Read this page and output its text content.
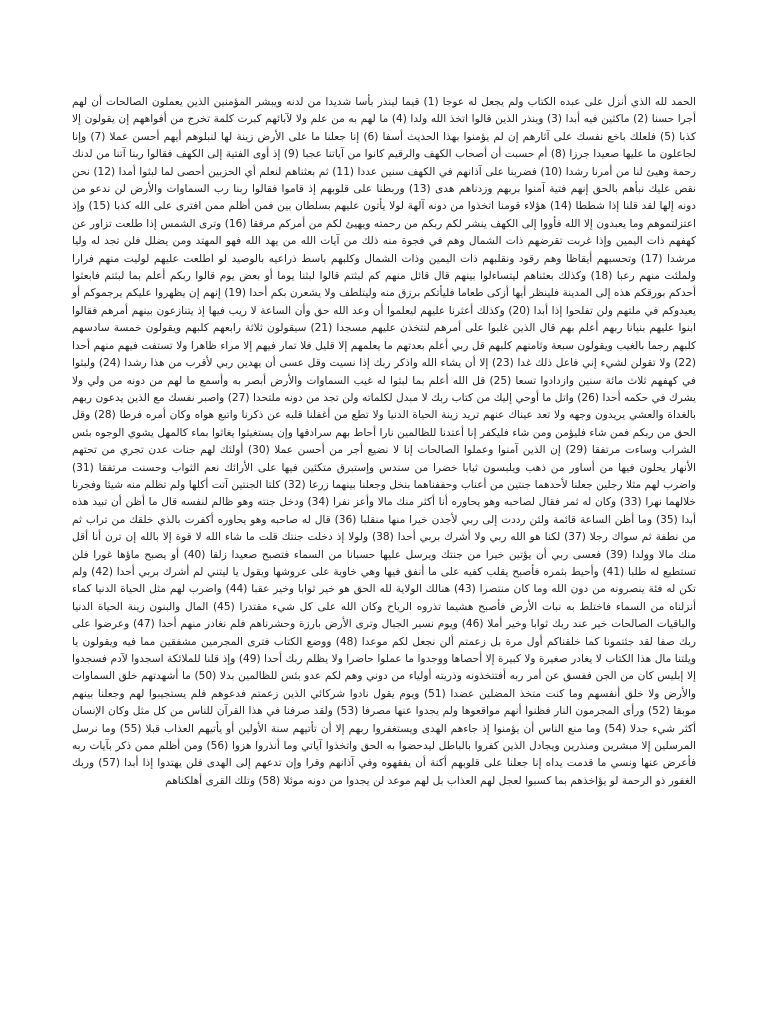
الحمد لله الذي أنزل على عبده الكتاب ولم يجعل له عوجا (1) قيما لينذر بأسا شديدا من لدنه ويبشر المؤمنين الذين يعملون الصالحات أن لهم أجرا حسنا (2) ماكثين فيه أبدا (3) وينذر الذين قالوا اتخذ الله ولدا (4) ما لهم به من علم ولا لآبائهم كبرت كلمة تخرج من أفواههم إن يقولون إلا كذبا (5) فلعلك باخع نفسك على آثارهم إن لم يؤمنوا بهذا الحديث أسفا (6) إنا جعلنا ما على الأرض زينة لها لنبلوهم أيهم أحسن عملا (7) وإنا لجاعلون ما عليها صعيدا جرزا (8) أم حسبت أن أصحاب الكهف والرقيم كانوا من آياتنا عجبا (9) إذ أوى الفتية إلى الكهف فقالوا ربنا آتنا من لدنك رحمة وهيئ لنا من أمرنا رشدا (10) فضربنا على آذانهم في الكهف سنين عددا (11) ثم بعثناهم لنعلم أي الحزبين أحصى لما لبثوا أمدا (12) نحن نقص عليك نبأهم بالحق إنهم فتية آمنوا بربهم وزدناهم هدى (13) وربطنا على قلوبهم إذ قاموا فقالوا ربنا رب السماوات والأرض لن ندعو من دونه إلها لقد قلنا إذا شططا (14) هؤلاء قومنا اتخذوا من دونه آلهة لولا يأتون عليهم بسلطان بين فمن أظلم ممن افترى على الله كذبا (15) وإذ اعتزلتموهم وما يعبدون إلا الله فأووا إلى الكهف ينشر لكم ربكم من رحمته ويهيئ لكم من أمركم مرفقا (16) وترى الشمس إذا طلعت تزاور عن كهفهم ذات اليمين وإذا غربت تقرضهم ذات الشمال وهم في فجوة منه ذلك من آيات الله من يهد الله فهو المهتد ومن يضلل فلن تجد له وليا مرشدا (17) وتحسبهم أيقاظا وهم رقود ونقلبهم ذات اليمين وذات الشمال وكلبهم باسط ذراعيه بالوصيد لو اطلعت عليهم لوليت منهم فرارا ولملئت منهم رعبا (18) وكذلك بعثناهم ليتساءلوا بينهم قال قائل منهم كم لبثتم قالوا لبثنا يوما أو بعض يوم قالوا ربكم أعلم بما لبثتم فابعثوا أحدكم بورقكم هذه إلى المدينة فلينظر أيها أزكى طعاما فليأتكم برزق منه وليتلطف ولا يشعرن بكم أحدا (19) إنهم إن يظهروا عليكم يرجموكم أو يعيدوكم في ملتهم ولن تفلحوا إذا أبدا (20) وكذلك أعثرنا عليهم ليعلموا أن وعد الله حق وأن الساعة لا ريب فيها إذ يتنازعون بينهم أمرهم فقالوا ابنوا عليهم بنيانا ربهم أعلم بهم قال الذين غلبوا على أمرهم لنتخذن عليهم مسجدا (21) سيقولون ثلاثة رابعهم كلبهم ويقولون خمسة سادسهم كلبهم رجما بالغيب ويقولون سبعة وثامنهم كلبهم قل ربي أعلم بعدتهم ما يعلمهم إلا قليل فلا تمار فيهم إلا مراء ظاهرا ولا تستفت فيهم منهم أحدا (22) ولا تقولن لشيء إني فاعل ذلك غدا (23) إلا أن يشاء الله واذكر ربك إذا نسيت وقل عسى أن يهدين ربي لأقرب من هذا رشدا (24) ولبثوا في كهفهم ثلاث مائة سنين وازدادوا تسعا (25) قل الله أعلم بما لبثوا له غيب السماوات والأرض أبصر به وأسمع ما لهم من دونه من ولي ولا يشرك في حكمه أحدا (26) واتل ما أوحي إليك من كتاب ربك لا مبدل لكلماته ولن تجد من دونه ملتحدا (27) واصبر نفسك مع الذين يدعون ربهم بالغداة والعشي يريدون وجهه ولا تعد عيناك عنهم تريد زينة الحياة الدنيا ولا تطع من أغفلنا قلبه عن ذكرنا واتبع هواه وكان أمره فرطا (28) وقل الحق من ربكم فمن شاء فليؤمن ومن شاء فليكفر إنا أعتدنا للظالمين نارا أحاط بهم سرادقها وإن يستغيثوا يغاثوا بماء كالمهل يشوي الوجوه بئس الشراب وساءت مرتفقا (29) إن الذين آمنوا وعملوا الصالحات إنا لا نضيع أجر من أحسن عملا (30) أولئك لهم جنات عدن تجري من تحتهم الأنهار يحلون فيها من أساور من ذهب ويلبسون ثيابا خضرا من سندس وإستبرق متكئين فيها على الأرائك نعم الثواب وحسنت مرتفقا (31) واضرب لهم مثلا رجلين جعلنا لأحدهما جنتين من أعناب وحففناهما بنخل وجعلنا بينهما زرعا (32) كلتا الجنتين آتت أكلها ولم تظلم منه شيئا وفجرنا خلالهما نهرا (33) وكان له ثمر فقال لصاحبه وهو يحاوره أنا أكثر منك مالا وأعز نفرا (34) ودخل جنته وهو ظالم لنفسه قال ما أظن أن تبيد هذه أبدا (35) وما أظن الساعة قائمة ولئن رددت إلى ربي لأجدن خيرا منها منقلبا (36) قال له صاحبه وهو يحاوره أكفرت بالذي خلقك من تراب ثم من نطفة ثم سواك رجلا (37) لكنا هو الله ربي ولا أشرك بربي أحدا (38) ولولا إذ دخلت جنتك قلت ما شاء الله لا قوة إلا بالله إن ترن أنا أقل منك مالا وولدا (39) فعسى ربي أن يؤتين خيرا من جنتك ويرسل عليها حسبانا من السماء فتصبح صعيدا زلقا (40) أو يصبح ماؤها غورا فلن تستطيع له طلبا (41) وأحيط بثمره فأصبح يقلب كفيه على ما أنفق فيها وهي خاوية على عروشها ويقول يا ليتني لم أشرك بربي أحدا (42) ولم تكن له فئة ينصرونه من دون الله وما كان منتصرا (43) هنالك الولاية لله الحق هو خير ثوابا وخير عقبا (44) واضرب لهم مثل الحياة الدنيا كماء أنزلناه من السماء فاختلط به نبات الأرض فأصبح هشيما تذروه الرياح وكان الله على كل شيء مقتدرا (45) المال والبنون زينة الحياة الدنيا والباقيات الصالحات خير عند ربك ثوابا وخير أملا (46) ويوم نسير الجبال وترى الأرض بارزة وحشرناهم فلم نغادر منهم أحدا (47) وعرضوا على ربك صفا لقد جئتمونا كما خلقناكم أول مرة بل زعمتم ألن نجعل لكم موعدا (48) ووضع الكتاب فترى المجرمين مشفقين مما فيه ويقولون يا ويلتنا مال هذا الكتاب لا يغادر صغيرة ولا كبيرة إلا أحصاها ووجدوا ما عملوا حاضرا ولا يظلم ربك أحدا (49) وإذ قلنا للملائكة اسجدوا لآدم فسجدوا إلا إبليس كان من الجن ففسق عن أمر ربه أفتتخذونه وذريته أولياء من دوني وهم لكم عدو بئس للظالمين بدلا (50) ما أشهدتهم خلق السماوات والأرض ولا خلق أنفسهم وما كنت متخذ المضلين عضدا (51) ويوم يقول نادوا شركائي الذين زعمتم فدعوهم فلم يستجيبوا لهم وجعلنا بينهم موبقا (52) ورأى المجرمون النار فظنوا أنهم مواقعوها ولم يجدوا عنها مصرفا (53) ولقد صرفنا في هذا القرآن للناس من كل مثل وكان الإنسان أكثر شيء جدلا (54) وما منع الناس أن يؤمنوا إذ جاءهم الهدى ويستغفروا ربهم إلا أن تأتيهم سنة الأولين أو يأتيهم العذاب قبلا (55) وما نرسل المرسلين إلا مبشرين ومنذرين ويجادل الذين كفروا بالباطل ليدحضوا به الحق واتخذوا آياتي وما أنذروا هزوا (56) ومن أظلم ممن ذكر بآيات ربه فأعرض عنها ونسي ما قدمت يداه إنا جعلنا على قلوبهم أكنة أن يفقهوه وفي آذانهم وقرا وإن تدعهم إلى الهدى فلن يهتدوا إذا أبدا (57) وربك الغفور ذو الرحمة لو يؤاخذهم بما كسبوا لعجل لهم العذاب بل لهم موعد لن يجدوا من دونه موئلا (58) وتلك القرى أهلكناهم
